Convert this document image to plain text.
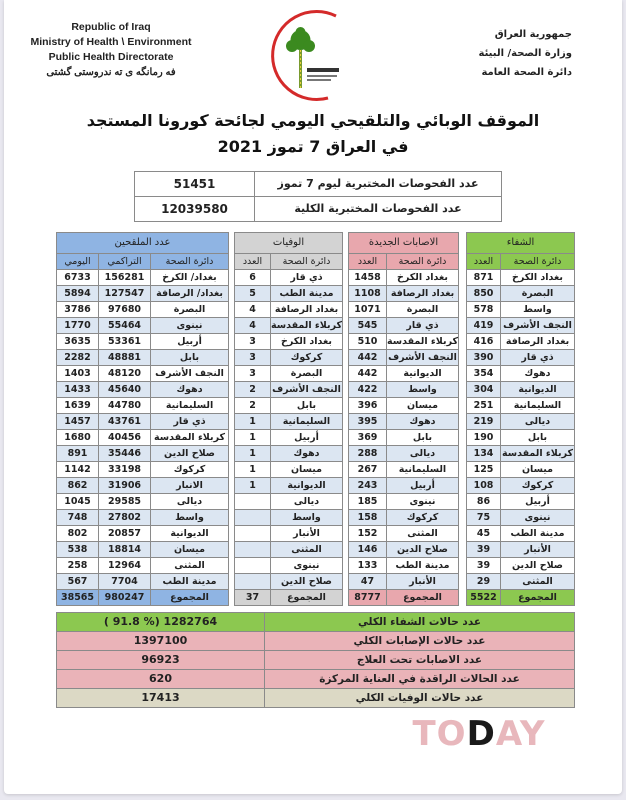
Republic of Iraq
Ministry of Health \ Environment
Public Health Directorate
فه رمانگه ی ته ندروستی گشتی
جمهورية العراق
وزارة الصحة/ البيئة
دائرة الصحة العامة
الموقف الوبائي والتلقيحي اليومي لجائحة كورونا المستجد
في العراق 7 تموز 2021
عدد الفحوصات المختبرية ليوم 7 تموز	51451
عدد الفحوصات المختبرية الكلية	12039580
الشفاء	
دائرة الصحة	العدد
بغداد الكرخ	871
البصرة	850
واسط	578
النجف الأشرف	419
بغداد الرصافة	416
ذي قار	390
دهوك	354
الديوانية	304
السليمانية	251
ديالى	219
بابل	190
كربلاء المقدسة	134
ميسان	125
كركوك	108
أربيل	86
نينوى	75
مدينة الطب	45
الأنبار	39
صلاح الدين	39
المثنى	29
المجموع	5522
الاصابات الجديدة	
دائرة الصحة	العدد
بغداد الكرخ	1458
بغداد الرصافة	1108
البصرة	1071
ذي قار	545
كربلاء المقدسة	510
النجف الأشرف	442
الديوانية	442
واسط	422
ميسان	396
دهوك	395
بابل	369
ديالى	288
السليمانية	267
أربيل	243
نينوى	185
كركوك	158
المثنى	152
صلاح الدين	146
مدينة الطب	133
الأنبار	47
المجموع	8777
الوفيات	
دائرة الصحة	العدد
ذي قار	6
مدينة الطب	5
بغداد الرصافة	4
كربلاء المقدسة	4
بغداد الكرخ	3
كركوك	3
البصرة	3
النجف الأشرف	2
بابل	2
السليمانية	1
أربيل	1
دهوك	1
ميسان	1
الديوانية	1
ديالى	
واسط	
الأنبار	
المثنى	
نينوى	
صلاح الدين	
المجموع	37
عدد الملقحين		
دائرة الصحة	التراكمي	اليومي
بغداد/ الكرخ	156281	6733
بغداد/ الرصافة	127547	5894
البصرة	97680	3786
نينوى	55464	1770
أربيل	53361	3635
بابل	48881	2282
النجف الأشرف	48120	1403
دهوك	45640	1433
السليمانية	44780	1639
ذي قار	43761	1457
كربلاء المقدسة	40456	1680
صلاح الدين	35446	891
كركوك	33198	1142
الانبار	31906	862
ديالى	29585	1045
واسط	27802	748
الديوانية	20857	802
ميسان	18814	538
المثنى	12964	258
مدينة الطب	7704	567
المجموع	980247	38565
عدد حالات الشفاء الكلي	( 91.8 %) 1282764
عدد حالات الإصابات الكلي	1397100
عدد الاصابات تحت العلاج	96923
عدد الحالات الراقدة في العناية المركزة	620
عدد حالات الوفيات الكلي	17413
TODAY
